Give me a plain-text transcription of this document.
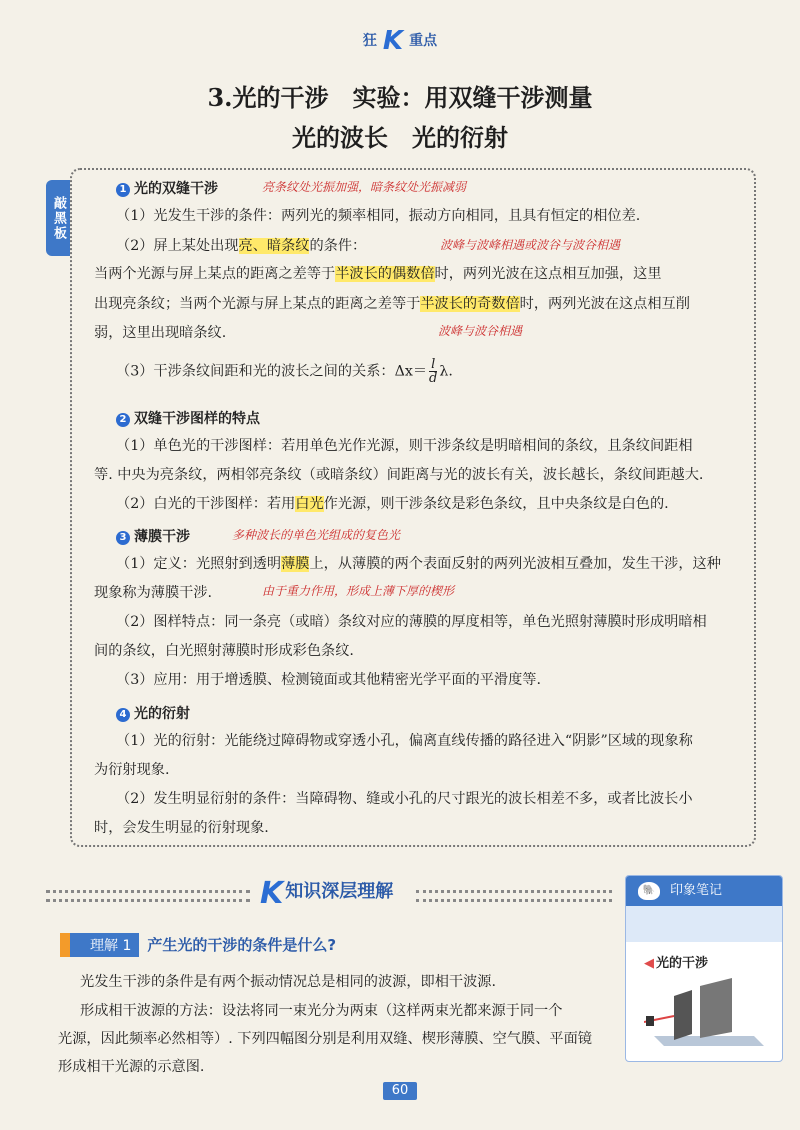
狂 K 重点
3.光的干涉　实验：用双缝干涉测量
光的波长　光的衍射
敲黑板
1 光的双缝干涉	亮条纹处光振加强，暗条纹处光振减弱
（1）光发生干涉的条件：两列光的频率相同，振动方向相同，且具有恒定的相位差.
（2）屏上某处出现亮、暗条纹的条件：	波峰与波峰相遇或波谷与波谷相遇
当两个光源与屏上某点的距离之差等于半波长的偶数倍时，两列光波在这点相互加强，这里
出现亮条纹；当两个光源与屏上某点的距离之差等于半波长的奇数倍时，两列光波在这点相互削
弱，这里出现暗条纹.	波峰与波谷相遇
（3）干涉条纹间距和光的波长之间的关系：$\Delta x= \frac{l}{d} \lambda$.
2 双缝干涉图样的特点
（1）单色光的干涉图样：若用单色光作光源，则干涉条纹是明暗相间的条纹，且条纹间距相
等. 中央为亮条纹，两相邻亮条纹（或暗条纹）间距离与光的波长有关，波长越长，条纹间距越大.
（2）白光的干涉图样：若用白光作光源，则干涉条纹是彩色条纹，且中央条纹是白色的.
3 薄膜干涉	多种波长的单色光组成的复色光
（1）定义：光照射到透明薄膜上，从薄膜的两个表面反射的两列光波相互叠加，发生干涉，这种
现象称为薄膜干涉.	由于重力作用，形成上薄下厚的楔形
（2）图样特点：同一条亮（或暗）条纹对应的薄膜的厚度相等，单色光照射薄膜时形成明暗相
间的条纹，白光照射薄膜时形成彩色条纹.
（3）应用：用于增透膜、检测镜面或其他精密光学平面的平滑度等.
4 光的衍射
（1）光的衍射：光能绕过障碍物或穿透小孔，偏离直线传播的路径进入“阴影”区域的现象称
为衍射现象.
（2）发生明显衍射的条件：当障碍物、缝或小孔的尺寸跟光的波长相差不多，或者比波长小
时，会发生明显的衍射现象.
K知识深层理解
理解 1 产生光的干涉的条件是什么?
光发生干涉的条件是有两个振动情况总是相同的波源，即相干波源.
形成相干波源的方法：设法将同一束光分为两束（这样两束光都来源于同一个
光源，因此频率必然相等）. 下列四幅图分别是利用双缝、楔形薄膜、空气膜、平面镜
形成相干光源的示意图.
🐘	印象笔记
◀ 光的干涉
60
